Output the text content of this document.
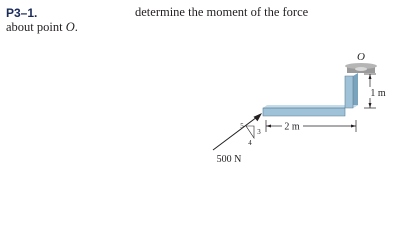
P3–1.	determine the moment of the force
about point O.
O
2 m
1 m
500 N
5
3
4
